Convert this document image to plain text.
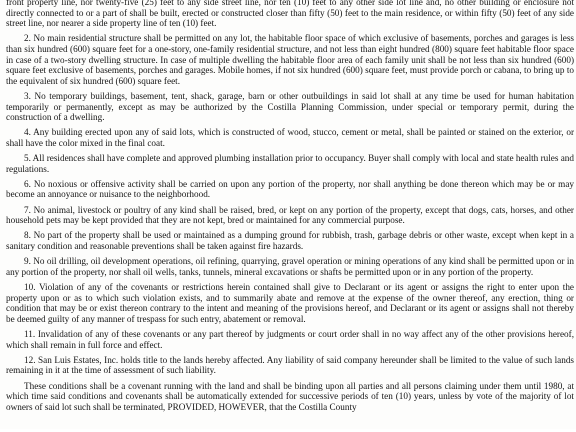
front property line, nor twenty-five (25) feet to any side street line, nor ten (10) feet to any other side lot line and, no other building or enclosure not directly connected to or a part of shall be built, erected or constructed closer than fifty (50) feet to the main residence, or within fifty (50) feet of any side street line, nor nearer a side property line of ten (10) feet.

2. No main residential structure shall be permitted on any lot, the habitable floor space of which exclusive of basements, porches and garages is less than six hundred (600) square feet for a one-story, one-family residential structure, and not less than eight hundred (800) square feet habitable floor space in case of a two-story dwelling structure. In case of multiple dwelling the habitable floor area of each family unit shall be not less than six hundred (600) square feet exclusive of basements, porches and garages. Mobile homes, if not six hundred (600) square feet, must provide porch or cabana, to bring up to the equivalent of six hundred (600) square feet.

3. No temporary buildings, basement, tent, shack, garage, barn or other outbuildings in said lot shall at any time be used for human habitation temporarily or permanently, except as may be authorized by the Costilla Planning Commission, under special or temporary permit, during the construction of a dwelling.

4. Any building erected upon any of said lots, which is constructed of wood, stucco, cement or metal, shall be painted or stained on the exterior, or shall have the color mixed in the final coat.

5. All residences shall have complete and approved plumbing installation prior to occupancy. Buyer shall comply with local and state health rules and regulations.

6. No noxious or offensive activity shall be carried on upon any portion of the property, nor shall anything be done thereon which may be or may become an annoyance or nuisance to the neighborhood.

7. No animal, livestock or poultry of any kind shall be raised, bred, or kept on any portion of the property, except that dogs, cats, horses, and other household pets may be kept provided that they are not kept, bred or maintained for any commercial purpose.

8. No part of the property shall be used or maintained as a dumping ground for rubbish, trash, garbage debris or other waste, except when kept in a sanitary condition and reasonable preventions shall be taken against fire hazards.

9. No oil drilling, oil development operations, oil refining, quarrying, gravel operation or mining operations of any kind shall be permitted upon or in any portion of the property, nor shall oil wells, tanks, tunnels, mineral excavations or shafts be permitted upon or in any portion of the property.

10. Violation of any of the covenants or restrictions herein contained shall give to Declarant or its agent or assigns the right to enter upon the property upon or as to which such violation exists, and to summarily abate and remove at the expense of the owner thereof, any erection, thing or condition that may be or exist thereon contrary to the intent and meaning of the provisions hereof, and Declarant or its agent or assigns shall not thereby be deemed guilty of any manner of trespass for such entry, abatement or removal.

11. Invalidation of any of these covenants or any part thereof by judgments or court order shall in no way affect any of the other provisions hereof, which shall remain in full force and effect.

12. San Luis Estates, Inc. holds title to the lands hereby affected. Any liability of said company hereunder shall be limited to the value of such lands remaining in it at the time of assessment of such liability.

These conditions shall be a covenant running with the land and shall be binding upon all parties and all persons claiming under them until 1980, at which time said conditions and covenants shall be automatically extended for successive periods of ten (10) years, unless by vote of the majority of lot owners of said lot such shall be terminated, PROVIDED, HOWEVER, that the Costilla County
